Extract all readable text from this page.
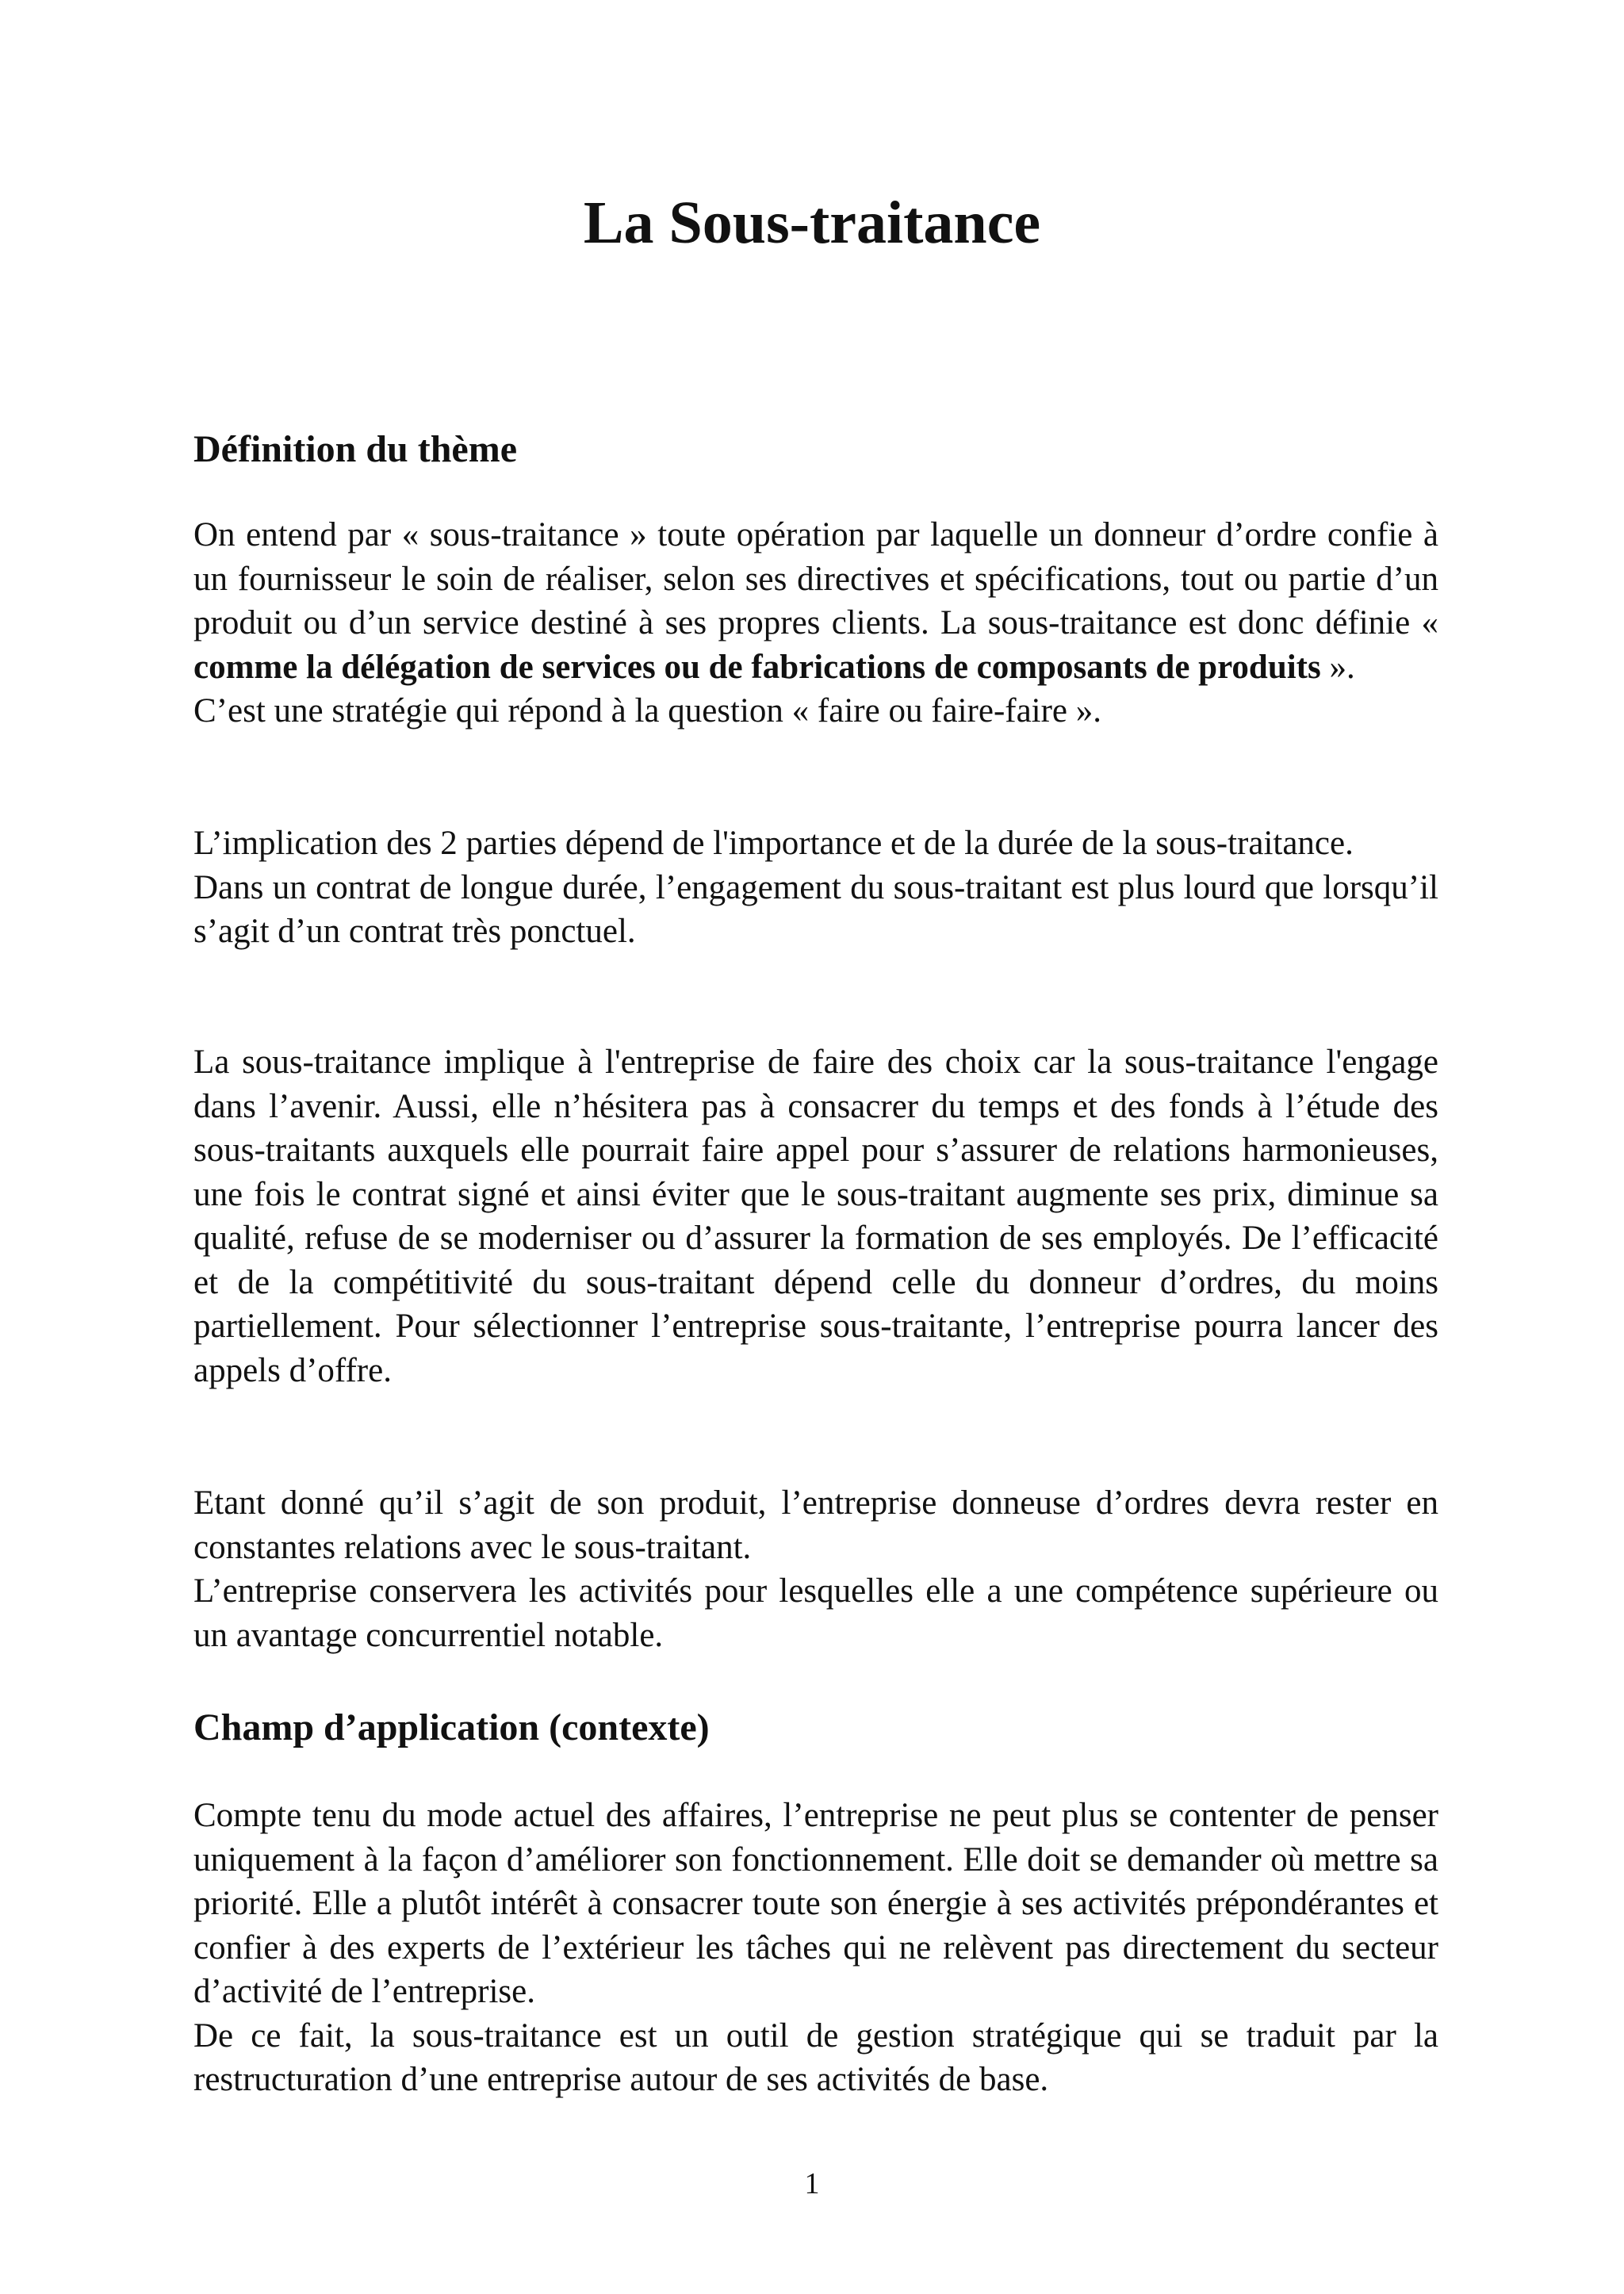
La Sous-traitance
Définition du thème

On entend par « sous-traitance » toute opération par laquelle un donneur d’ordre confie à un fournisseur le soin de réaliser, selon ses directives et spécifications, tout ou partie d’un produit ou d’un service destiné à ses propres clients. La sous-traitance est donc définie « comme la délégation de services ou de fabrications de composants de produits ».
C’est une stratégie qui répond à la question « faire ou faire-faire ».

L’implication des 2 parties dépend de l'importance et de la durée de la sous-traitance.
Dans un contrat de longue durée, l’engagement du sous-traitant est plus lourd que lorsqu’il s’agit d’un contrat très ponctuel.

La sous-traitance implique à l'entreprise de faire des choix car la sous-traitance l'engage dans l’avenir. Aussi, elle n’hésitera pas à consacrer du temps et des fonds à l’étude des sous-traitants auxquels elle pourrait faire appel pour s’assurer de relations harmonieuses, une fois le contrat signé et ainsi éviter que le sous-traitant augmente ses prix, diminue sa qualité, refuse de se moderniser ou d’assurer la formation de ses employés. De l’efficacité et de la compétitivité du sous-traitant dépend celle du donneur d’ordres, du moins partiellement. Pour sélectionner l’entreprise sous-traitante, l’entreprise pourra lancer des appels d’offre.

Etant donné qu’il s’agit de son produit, l’entreprise donneuse d’ordres devra rester en constantes relations avec le sous-traitant.
L’entreprise conservera les activités pour lesquelles elle a une compétence supérieure ou un avantage concurrentiel notable.

Champ d’application (contexte)

Compte tenu du mode actuel des affaires, l’entreprise ne peut plus se contenter de penser uniquement à la façon d’améliorer son fonctionnement. Elle doit se demander où mettre sa priorité. Elle a plutôt intérêt à consacrer toute son énergie à ses activités prépondérantes et confier à des experts de l’extérieur les tâches qui ne relèvent pas directement du secteur d’activité de l’entreprise.
De ce fait, la sous-traitance est un outil de gestion stratégique qui se traduit par la restructuration d’une entreprise autour de ses activités de base.

1
